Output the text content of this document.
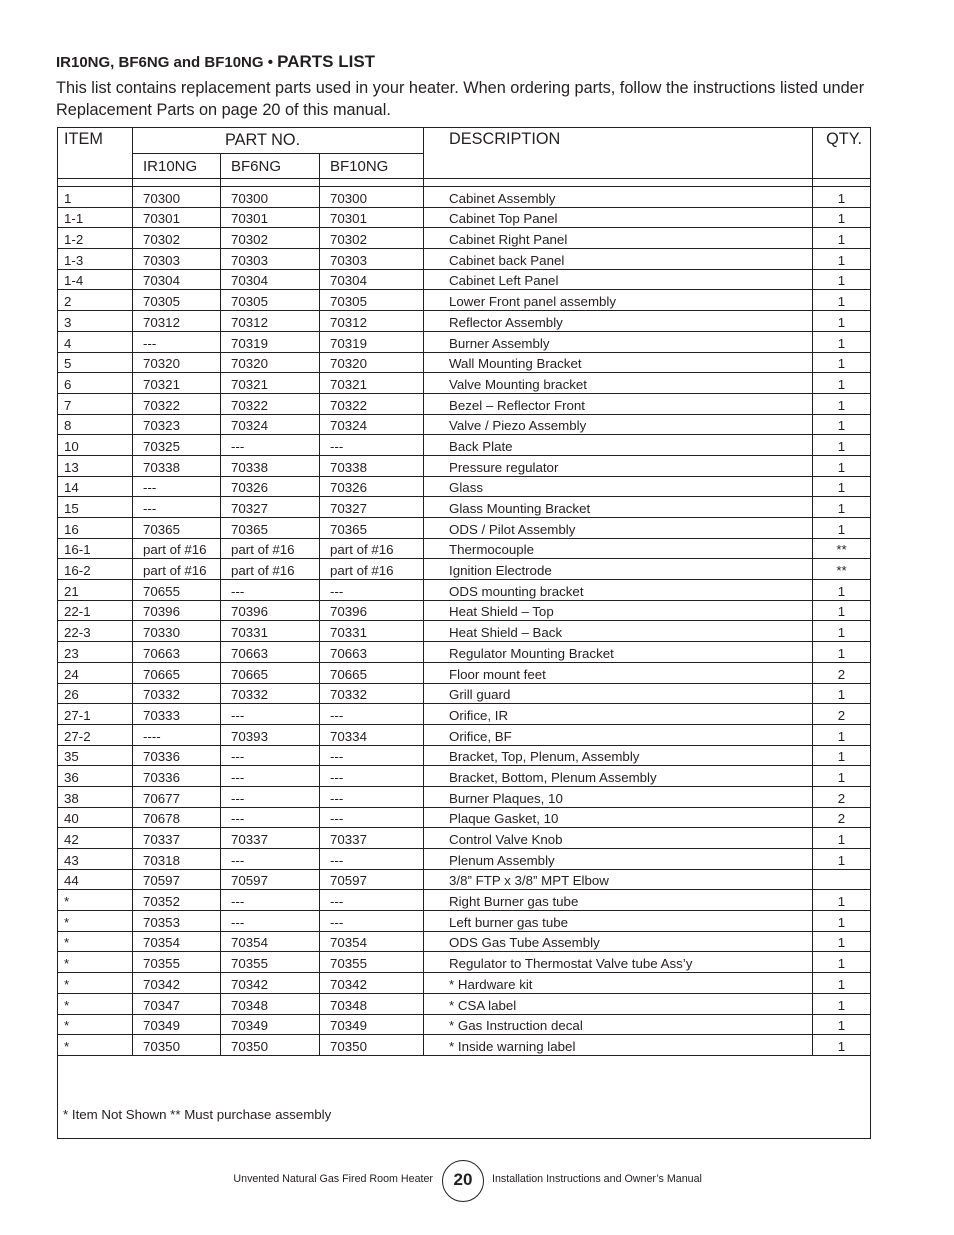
IR10NG, BF6NG and BF10NG • PARTS LIST
This list contains replacement parts used in your heater. When ordering parts, follow the instructions listed under Replacement Parts on page 20 of this manual.
ITEM	PART NO.			DESCRIPTION	QTY.
	IR10NG	BF6NG	BF10NG		

1	70300	70300	70300	Cabinet Assembly	1
1-1	70301	70301	70301	Cabinet Top Panel	1
1-2	70302	70302	70302	Cabinet Right Panel	1
1-3	70303	70303	70303	Cabinet back Panel	1
1-4	70304	70304	70304	Cabinet Left Panel	1
2	70305	70305	70305	Lower Front panel assembly	1
3	70312	70312	70312	Reflector Assembly	1
4	---	70319	70319	Burner Assembly	1
5	70320	70320	70320	Wall Mounting Bracket	1
6	70321	70321	70321	Valve Mounting bracket	1
7	70322	70322	70322	Bezel – Reflector Front	1
8	70323	70324	70324	Valve / Piezo Assembly	1
10	70325	---	---	Back Plate	1
13	70338	70338	70338	Pressure regulator	1
14	---	70326	70326	Glass	1
15	---	70327	70327	Glass Mounting Bracket	1
16	70365	70365	70365	ODS / Pilot Assembly	1
16-1	part of #16	part of #16	part of #16	Thermocouple	**
16-2	part of #16	part of #16	part of #16	Ignition Electrode	**
21	70655	---	---	ODS mounting bracket	1
22-1	70396	70396	70396	Heat Shield – Top	1
22-3	70330	70331	70331	Heat Shield – Back	1
23	70663	70663	70663	Regulator Mounting Bracket	1
24	70665	70665	70665	Floor mount feet	2
26	70332	70332	70332	Grill guard	1
27-1	70333	---	---	Orifice, IR	2
27-2	----	70393	70334	Orifice, BF	1
35	70336	---	---	Bracket, Top, Plenum, Assembly	1
36	70336	---	---	Bracket, Bottom, Plenum Assembly	1
38	70677	---	---	Burner Plaques, 10	2
40	70678	---	---	Plaque Gasket, 10	2
42	70337	70337	70337	Control Valve Knob	1
43	70318	---	---	Plenum Assembly	1
44	70597	70597	70597	3/8” FTP x 3/8” MPT Elbow	
*	70352	---	---	Right Burner gas tube	1
*	70353	---	---	Left burner gas tube	1
*	70354	70354	70354	ODS Gas Tube Assembly	1
*	70355	70355	70355	Regulator to Thermostat Valve tube Ass’y	1
*	70342	70342	70342	* Hardware kit	1
*	70347	70348	70348	* CSA label	1
*	70349	70349	70349	* Gas Instruction decal	1
*	70350	70350	70350	* Inside warning label	1
* Item Not Shown ** Must purchase assembly					
Unvented Natural Gas Fired Room Heater	20	Installation Instructions and Owner’s Manual
